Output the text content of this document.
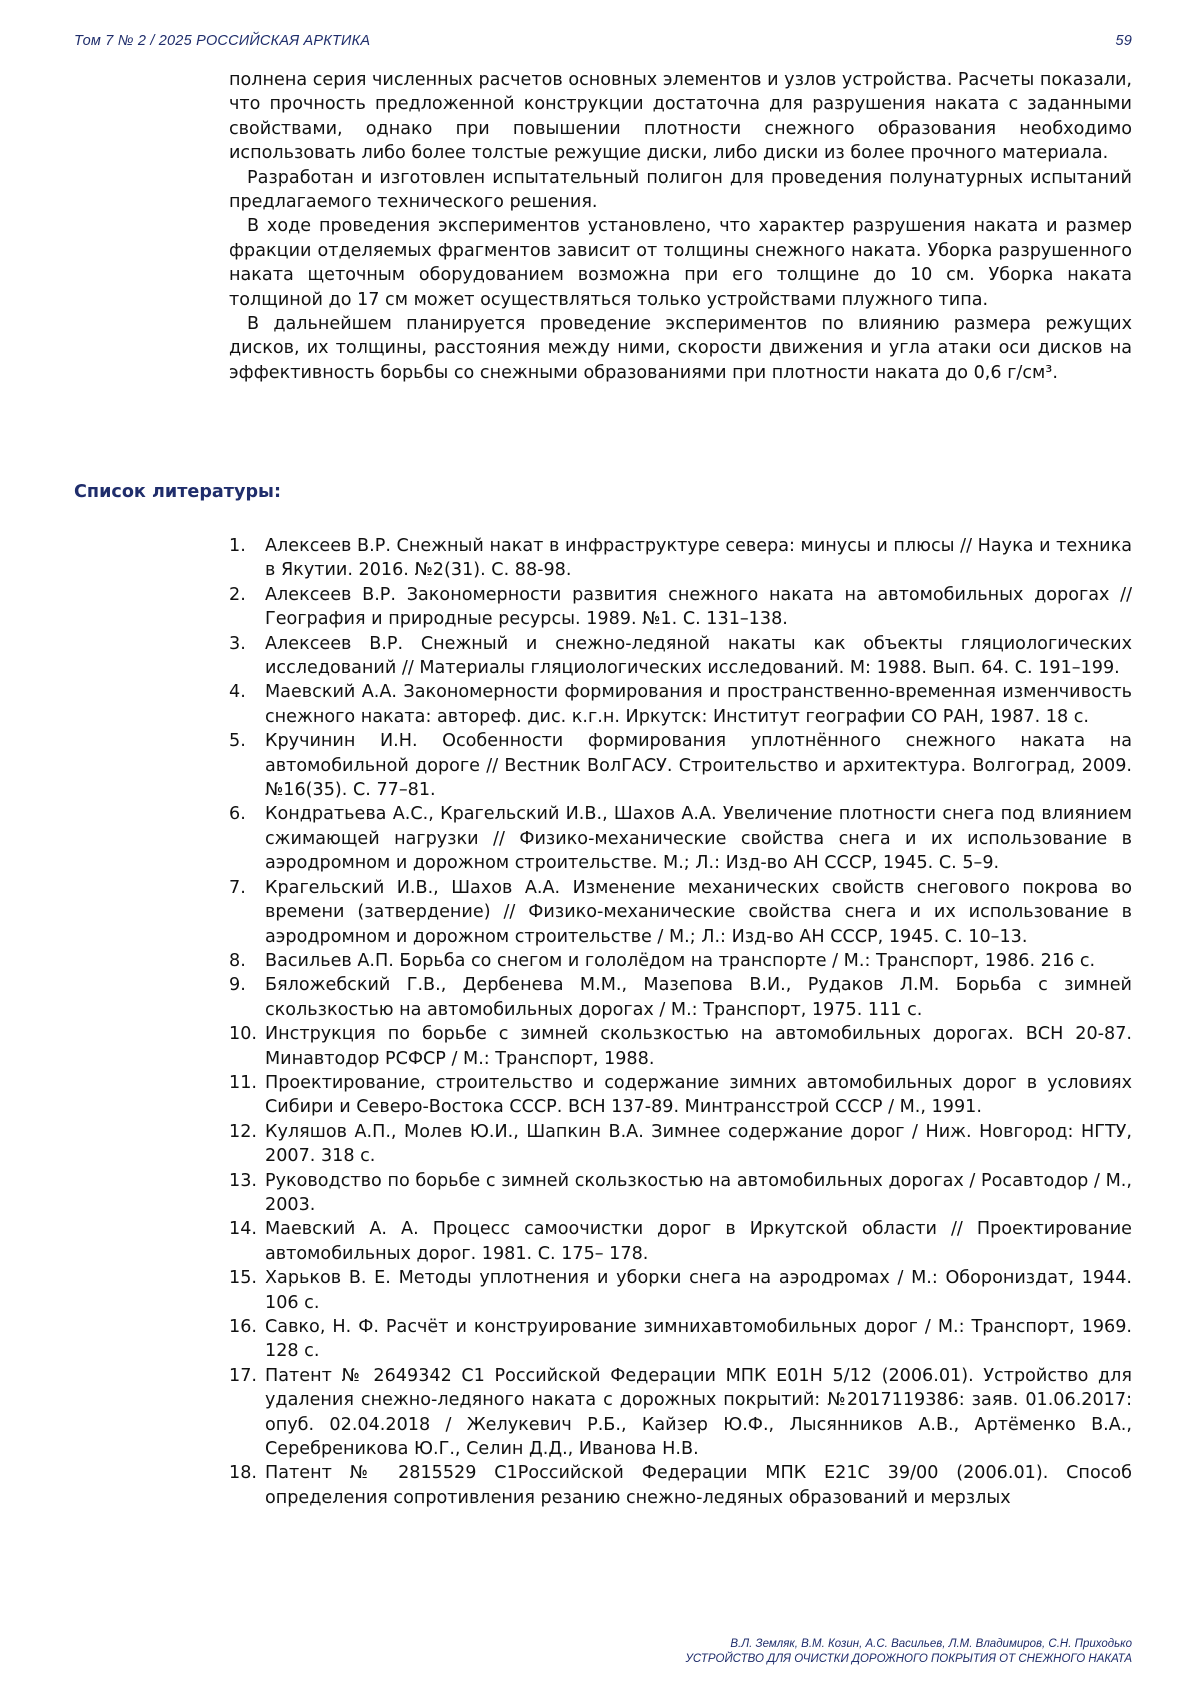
Том 7 № 2 / 2025 РОССИЙСКАЯ АРКТИКА	59

полнена серия численных расчетов основных элементов и узлов устройства. Расчеты показали, что прочность предложенной конструкции достаточна для разрушения наката с заданными свойствами, однако при повышении плотности снежного образования необходимо использовать либо более толстые режущие диски, либо диски из более прочного материала.

Разработан и изготовлен испытательный полигон для проведения полунатурных испытаний предлагаемого технического решения.

В ходе проведения экспериментов установлено, что характер разрушения наката и размер фракции отделяемых фрагментов зависит от толщины снежного наката. Уборка разрушенного наката щеточным оборудованием возможна при его толщине до 10 см. Уборка наката толщиной до 17 см может осуществляться только устройствами плужного типа.

В дальнейшем планируется проведение экспериментов по влиянию размера режущих дисков, их толщины, расстояния между ними, скорости движения и угла атаки оси дисков на эффективность борьбы со снежными образованиями при плотности наката до 0,6 г/см³.

Список литературы:
1. Алексеев В.Р. Снежный накат в инфраструктуре севера: минусы и плюсы // Наука и техника в Якутии. 2016. №2(31). С. 88-98.
2. Алексеев В.Р. Закономерности развития снежного наката на автомобильных дорогах // География и природные ресурсы. 1989. №1. С. 131–138.
3. Алексеев В.Р. Снежный и снежно-ледяной накаты как объекты гляциологических исследований // Материалы гляциологических исследований. М: 1988. Вып. 64. С. 191–199.
4. Маевский А.А. Закономерности формирования и пространственно-временная изменчивость снежного наката: автореф. дис. к.г.н. Иркутск: Институт географии СО РАН, 1987. 18 с.
5. Кручинин И.Н. Особенности формирования уплотнённого снежного наката на автомобильной дороге // Вестник ВолГАСУ. Строительство и архитектура. Волгоград, 2009. №16(35). С. 77–81.
6. Кондратьева А.С., Крагельский И.В., Шахов А.А. Увеличение плотности снега под влиянием сжимающей нагрузки // Физико-механические свойства снега и их использование в аэродромном и дорожном строительстве. М.; Л.: Изд-во АН СССР, 1945. С. 5–9.
7. Крагельский И.В., Шахов А.А. Изменение механических свойств снегового покрова во времени (затвердение) // Физико-механические свойства снега и их использование в аэродромном и дорожном строительстве / М.; Л.: Изд-во АН СССР, 1945. С. 10–13.
8. Васильев А.П. Борьба со снегом и гололёдом на транспорте / М.: Транспорт, 1986. 216 с.
9. Бяложебский Г.В., Дербенева М.М., Мазепова В.И., Рудаков Л.М. Борьба с зимней скользкостью на автомобильных дорогах / М.: Транспорт, 1975. 111 с.
10. Инструкция по борьбе с зимней скользкостью на автомобильных дорогах. ВСН 20-87. Минавтодор РСФСР / М.: Транспорт, 1988.
11. Проектирование, строительство и содержание зимних автомобильных дорог в условиях Сибири и Северо-Востока СССР. ВСН 137-89. Минтрансстрой СССР / М., 1991.
12. Куляшов А.П., Молев Ю.И., Шапкин В.А. Зимнее содержание дорог / Ниж. Новгород: НГТУ, 2007. 318 с.
13. Руководство по борьбе с зимней скользкостью на автомобильных дорогах / Росавтодор / М., 2003.
14. Маевский А. А. Процесс самоочистки дорог в Иркутской области // Проектирование автомобильных дорог. 1981. С. 175– 178.
15. Харьков В. Е. Методы уплотнения и уборки снега на аэродромах / М.: Оборониздат, 1944. 106 с.
16. Савко, Н. Ф. Расчёт и конструирование зимнихавтомобильных дорог / М.: Транспорт, 1969. 128 с.
17. Патент № 2649342 С1 Российской Федерации МПК E01H 5/12 (2006.01). Устройство для удаления снежно-ледяного наката с дорожных покрытий: №2017119386: заяв. 01.06.2017: опуб. 02.04.2018 / Желукевич Р.Б., Кайзер Ю.Ф., Лысянников А.В., Артёменко В.А., Серебреникова Ю.Г., Селин Д.Д., Иванова Н.В.
18. Патент № 2815529 С1Российской Федерации МПК E21C 39/00 (2006.01). Способ определения сопротивления резанию снежно-ледяных образований и мерзлых
В.Л. Земляк, В.М. Козин, А.С. Васильев, Л.М. Владимиров, С.Н. Приходько
УСТРОЙСТВО ДЛЯ ОЧИСТКИ ДОРОЖНОГО ПОКРЫТИЯ ОТ СНЕЖНОГО НАКАТА
